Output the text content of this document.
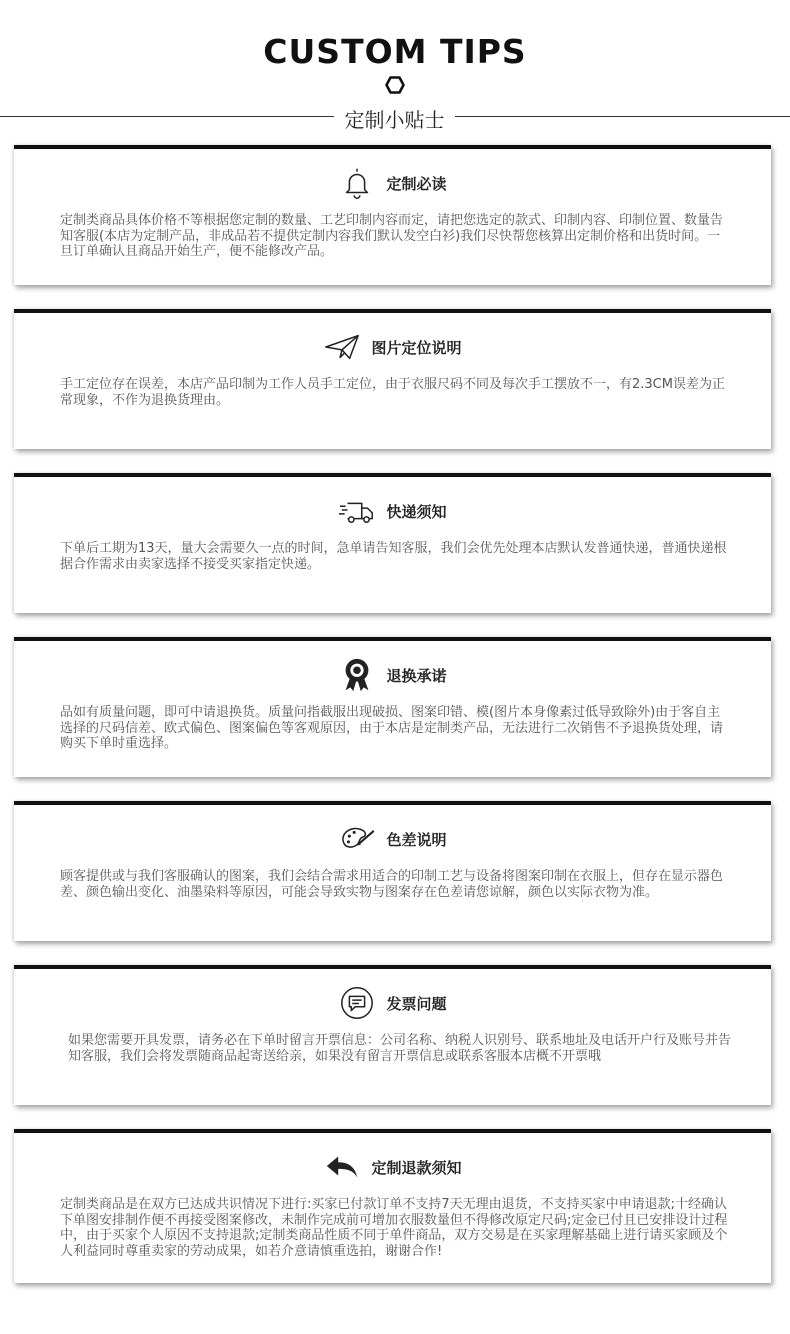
CUSTOM TIPS
定制小贴士
定制必读
定制类商品具体价格不等根据您定制的数量、工艺印制内容而定，请把您选定的款式、印制内容、印制位置、数量告知客服(本店为定制产品，非成品若不提供定制内容我们默认发空白衫)我们尽快帮您核算出定制价格和出货时间。一旦订单确认且商品开始生产，便不能修改产品。
图片定位说明
手工定位存在误差，本店产品印制为工作人员手工定位，由于衣服尺码不同及每次手工摆放不一，有2.3CM误差为正常现象，不作为退换货理由。
快递须知
下单后工期为13天，量大会需要久一点的时间，急单请告知客服，我们会优先处理本店默认发普通快递，普通快递根据合作需求由卖家选择不接受买家指定快递。
退换承诺
品如有质量问题，即可中请退换货。质量问指截服出现破损、图案印错、模(图片本身像素过低导致除外)由于客自主选择的尺码信差、欧式偏色、图案偏色等客观原因，由于本店是定制类产品，无法进行二次销售不予退换货处理，请购买下单时重选择。
色差说明
顾客提供或与我们客服确认的图案，我们会结合需求用适合的印制工艺与设备将图案印制在衣服上，但存在显示器色差、颜色输出变化、油墨染料等原因，可能会导致实物与图案存在色差请您谅解，颜色以实际衣物为准。
发票问题
如果您需要开具发票，请务必在下单时留言开票信息：公司名称、纳税人识别号、联系地址及电话开户行及账号并告知客服，我们会将发票随商品起寄送给亲，如果没有留言开票信息或联系客服本店概不开票哦
定制退款须知
定制类商品是在双方已达成共识情况下进行:买家已付款订单不支持7天无理由退货，不支持买家中申请退款;十经确认下单图安排制作便不再接受图案修改，未制作完成前可增加衣服数量但不得修改原定尺码;定金已付且已安排设计过程中，由于买家个人原因不支持退款;定制类商品性质不同于单件商品，双方交易是在买家理解基础上进行请买家顾及个人利益同时尊重卖家的劳动成果，如若介意请慎重选拍，谢谢合作!
